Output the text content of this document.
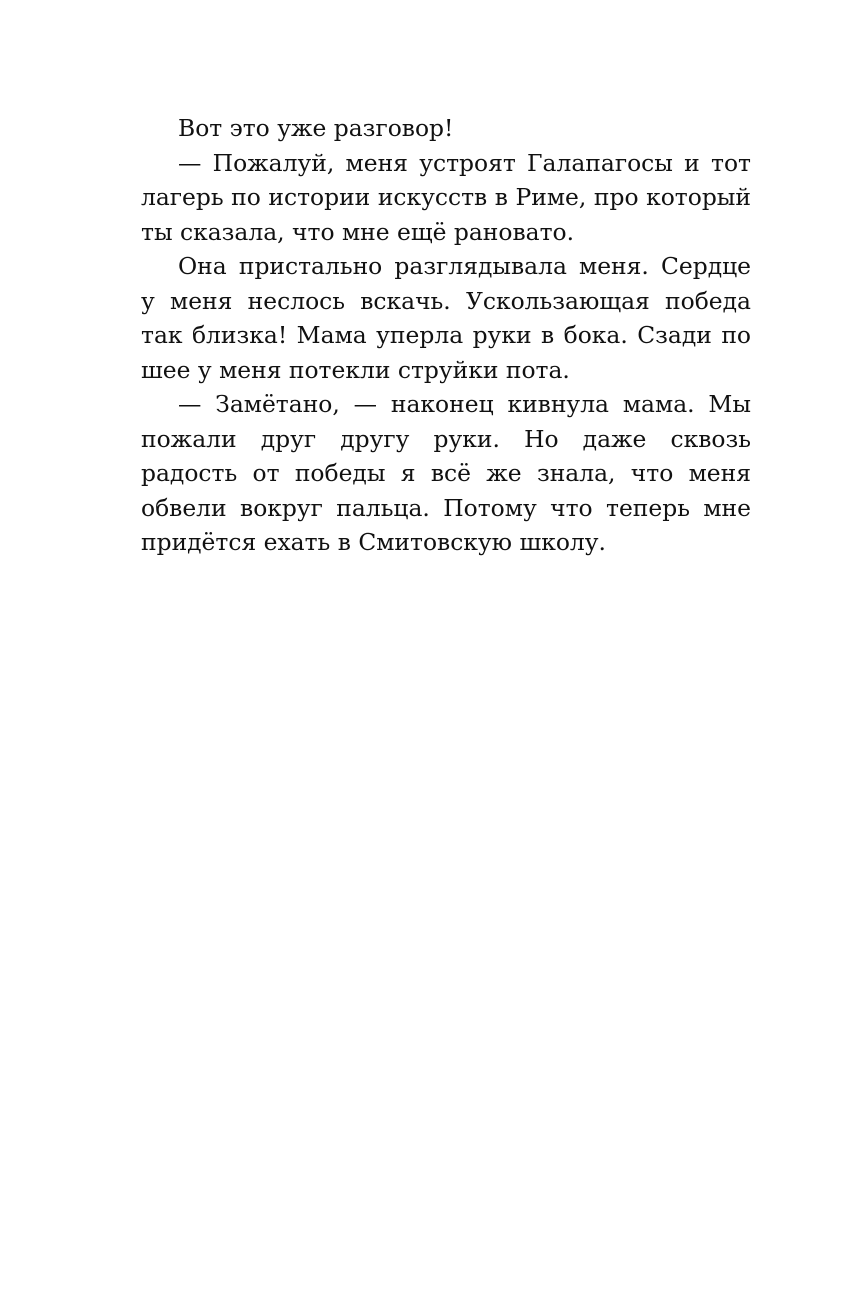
Вот это уже разговор!

— Пожалуй, меня устроят Галапагосы и тот лагерь по истории искусств в Риме, про который ты сказала, что мне ещё рановато.

Она пристально разглядывала меня. Сердце у меня неслось вскачь. Ускользающая победа так близка! Мама уперла руки в бока. Сзади по шее у меня потекли струйки пота.

— Замётано, — наконец кивнула мама. Мы пожали друг другу руки. Но даже сквозь радость от победы я всё же знала, что меня обвели вокруг пальца. Потому что теперь мне придётся ехать в Смитовскую школу.
